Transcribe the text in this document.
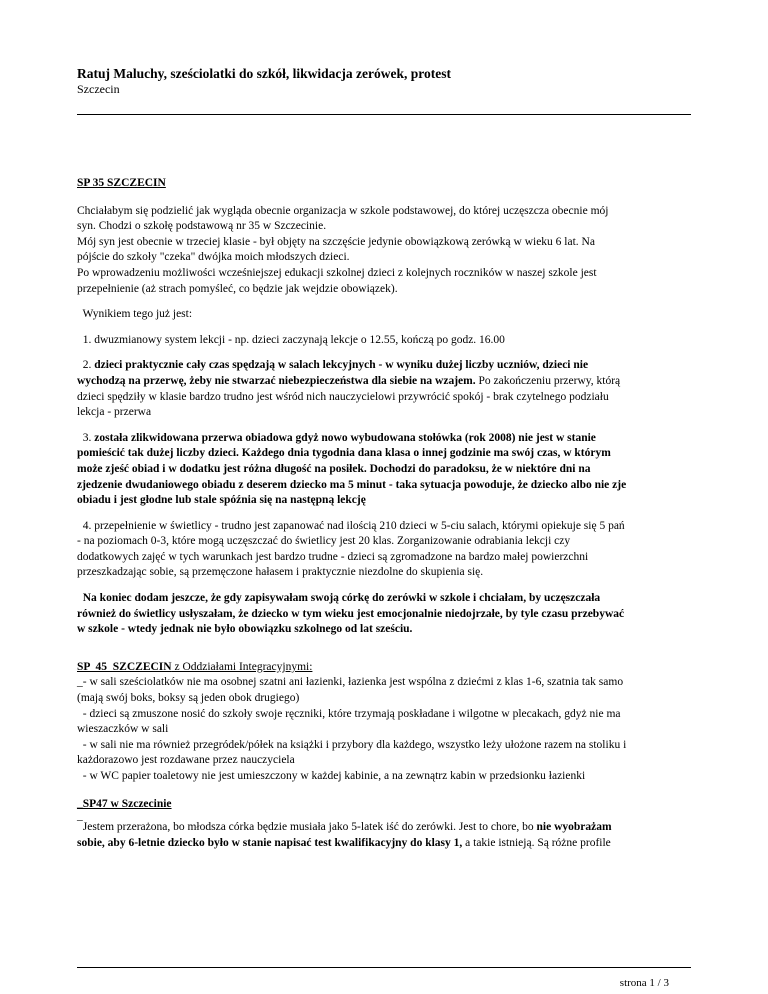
Ratuj Maluchy, sześciolatki do szkół, likwidacja zerówek, protest
Szczecin

SP 35 SZCZECIN

Chciałabym się podzielić jak wygląda obecnie organizacja w szkole podstawowej, do której uczęszcza obecnie mój

syn. Chodzi o szkołę podstawową nr 35 w Szczecinie.

Mój syn jest obecnie w trzeciej klasie - był objęty na szczęście jedynie obowiązkową zerówką w wieku 6 lat. Na

pójście do szkoły "czeka" dwójka moich młodszych dzieci.

Po wprowadzeniu możliwości wcześniejszej edukacji szkolnej dzieci z kolejnych roczników w naszej szkole jest

przepełnienie (aż strach pomyśleć, co będzie jak wejdzie obowiązek).

Wynikiem tego już jest:

1. dwuzmianowy system lekcji - np. dzieci zaczynają lekcje o 12.55, kończą po godz. 16.00

2. dzieci praktycznie cały czas spędzają w salach lekcyjnych - w wyniku dużej liczby uczniów, dzieci nie

wychodzą na przerwę, żeby nie stwarzać niebezpieczeństwa dla siebie na wzajem. Po zakończeniu przerwy, którą

dzieci spędziły w klasie bardzo trudno jest wśród nich nauczycielowi przywrócić spokój - brak czytelnego podziału

lekcja - przerwa

3. została zlikwidowana przerwa obiadowa gdyż nowo wybudowana stołówka (rok 2008) nie jest w stanie

pomieścić tak dużej liczby dzieci. Każdego dnia tygodnia dana klasa o innej godzinie ma swój czas, w którym

może zjeść obiad i w dodatku jest różna długość na posiłek. Dochodzi do paradoksu, że w niektóre dni na

zjedzenie dwudaniowego obiadu z deserem dziecko ma 5 minut - taka sytuacja powoduje, że dziecko albo nie zje

obiadu i jest głodne lub stale spóźnia się na następną lekcję

4. przepełnienie w świetlicy - trudno jest zapanować nad ilością 210 dzieci w 5-ciu salach, którymi opiekuje się 5 pań

- na poziomach 0-3, które mogą uczęszczać do świetlicy jest 20 klas. Zorganizowanie odrabiania lekcji czy

dodatkowych zajęć w tych warunkach jest bardzo trudne - dzieci są zgromadzone na bardzo małej powierzchni

przeszkadzając sobie, są przemęczone hałasem i praktycznie niezdolne do skupienia się.

Na koniec dodam jeszcze, że gdy zapisywałam swoją córkę do zerówki w szkole i chciałam, by uczęszczała

również do świetlicy usłyszałam, że dziecko w tym wieku jest emocjonalnie niedojrzałe, by tyle czasu przebywać

w szkole - wtedy jednak nie było obowiązku szkolnego od lat sześciu.

SP  45  SZCZECIN z Oddziałami Integracyjnymi:

_- w sali sześciolatków nie ma osobnej szatni ani łazienki, łazienka jest wspólna z dziećmi z klas 1-6, szatnia tak samo

(mają swój boks, boksy są jeden obok drugiego)

- dzieci są zmuszone nosić do szkoły swoje ręczniki, które trzymają poskładane i wilgotne w plecakach, gdyż nie ma

wieszaczków w sali

- w sali nie ma również przegródek/półek na książki i przybory dla każdego, wszystko leży ułożone razem na stoliku i

każdorazowo jest rozdawane przez nauczyciela

- w WC papier toaletowy nie jest umieszczony w każdej kabinie, a na zewnątrz kabin w przedsionku łazienki

_SP47 w Szczecinie

_

Jestem przerażona, bo młodsza córka będzie musiała jako 5-latek iść do zerówki. Jest to chore, bo nie wyobrażam

sobie, aby 6-letnie dziecko było w stanie napisać test kwalifikacyjny do klasy 1, a takie istnieją. Są różne profile

strona 1 / 3
